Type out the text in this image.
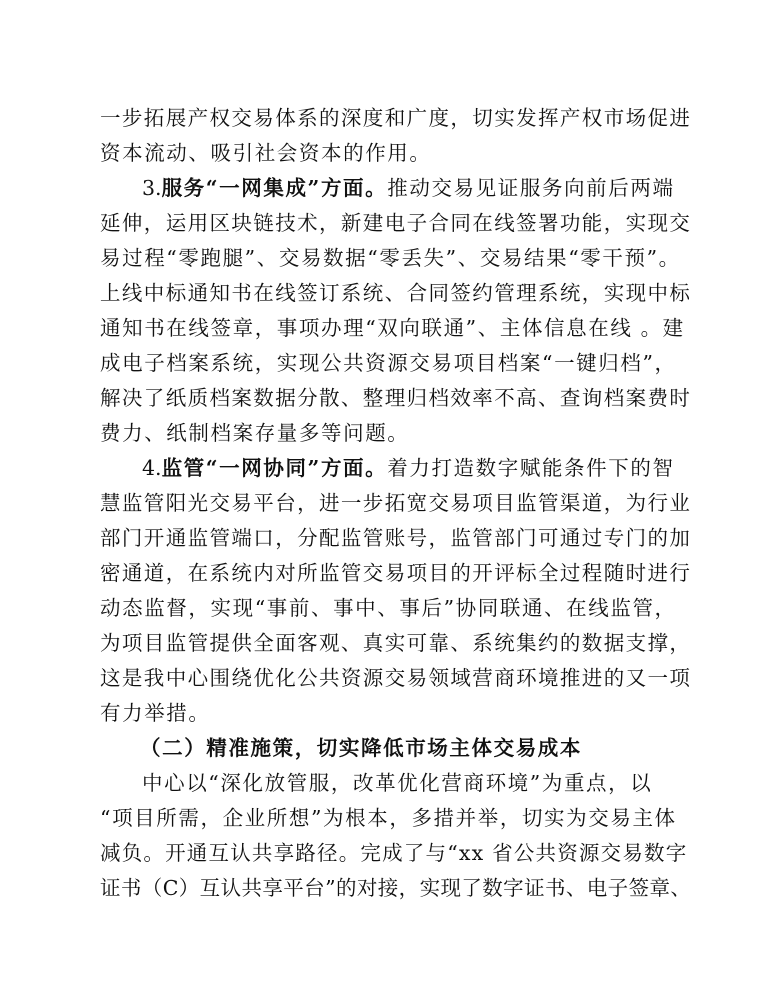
一步拓展产权交易体系的深度和广度，切实发挥产权市场促进
资本流动、吸引社会资本的作用。
3.服务“一网集成”方面。推动交易见证服务向前后两端
延伸，运用区块链技术，新建电子合同在线签署功能，实现交
易过程“零跑腿”、交易数据“零丢失”、交易结果“零干预”。
上线中标通知书在线签订系统、合同签约管理系统，实现中标
通知书在线签章，事项办理“双向联通”、主体信息在线 。建
成电子档案系统，实现公共资源交易项目档案“一键归档”，
解决了纸质档案数据分散、整理归档效率不高、查询档案费时
费力、纸制档案存量多等问题。
4.监管“一网协同”方面。着力打造数字赋能条件下的智
慧监管阳光交易平台，进一步拓宽交易项目监管渠道，为行业
部门开通监管端口，分配监管账号，监管部门可通过专门的加
密通道，在系统内对所监管交易项目的开评标全过程随时进行
动态监督，实现“事前、事中、事后”协同联通、在线监管，
为项目监管提供全面客观、真实可靠、系统集约的数据支撑，
这是我中心围绕优化公共资源交易领域营商环境推进的又一项
有力举措。
（二）精准施策，切实降低市场主体交易成本
中心以“深化放管服，改革优化营商环境”为重点，以
“项目所需，企业所想”为根本，多措并举，切实为交易主体
减负。开通互认共享路径。完成了与“xx 省公共资源交易数字
证书（C）互认共享平台”的对接，实现了数字证书、电子签章、
